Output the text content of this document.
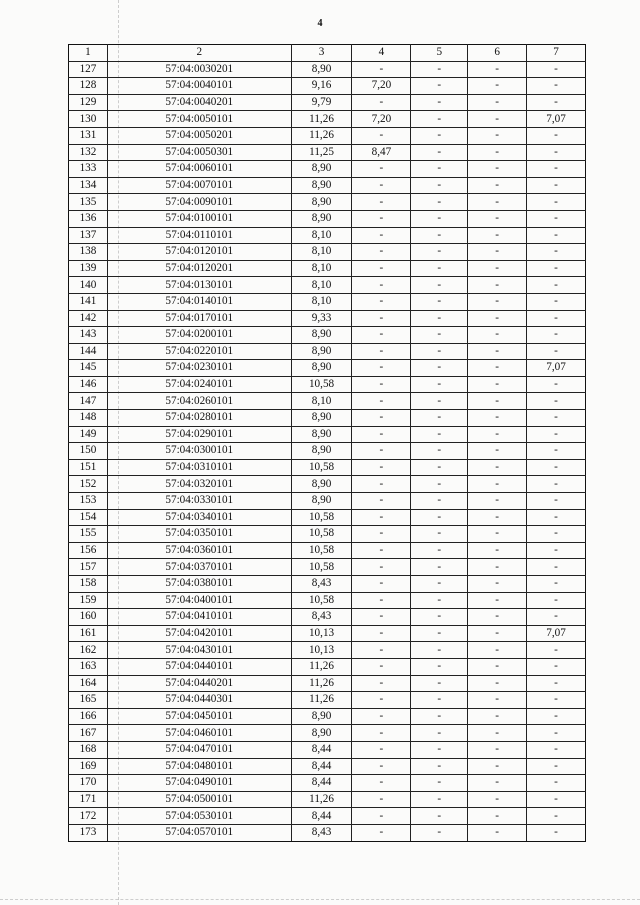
4
1	2	3	4	5	6	7
127	57:04:0030201	8,90	-	-	-	-
128	57:04:0040101	9,16	7,20	-	-	-
129	57:04:0040201	9,79	-	-	-	-
130	57:04:0050101	11,26	7,20	-	-	7,07
131	57:04:0050201	11,26	-	-	-	-
132	57:04:0050301	11,25	8,47	-	-	-
133	57:04:0060101	8,90	-	-	-	-
134	57:04:0070101	8,90	-	-	-	-
135	57:04:0090101	8,90	-	-	-	-
136	57:04:0100101	8,90	-	-	-	-
137	57:04:0110101	8,10	-	-	-	-
138	57:04:0120101	8,10	-	-	-	-
139	57:04:0120201	8,10	-	-	-	-
140	57:04:0130101	8,10	-	-	-	-
141	57:04:0140101	8,10	-	-	-	-
142	57:04:0170101	9,33	-	-	-	-
143	57:04:0200101	8,90	-	-	-	-
144	57:04:0220101	8,90	-	-	-	-
145	57:04:0230101	8,90	-	-	-	7,07
146	57:04:0240101	10,58	-	-	-	-
147	57:04:0260101	8,10	-	-	-	-
148	57:04:0280101	8,90	-	-	-	-
149	57:04:0290101	8,90	-	-	-	-
150	57:04:0300101	8,90	-	-	-	-
151	57:04:0310101	10,58	-	-	-	-
152	57:04:0320101	8,90	-	-	-	-
153	57:04:0330101	8,90	-	-	-	-
154	57:04:0340101	10,58	-	-	-	-
155	57:04:0350101	10,58	-	-	-	-
156	57:04:0360101	10,58	-	-	-	-
157	57:04:0370101	10,58	-	-	-	-
158	57:04:0380101	8,43	-	-	-	-
159	57:04:0400101	10,58	-	-	-	-
160	57:04:0410101	8,43	-	-	-	-
161	57:04:0420101	10,13	-	-	-	7,07
162	57:04:0430101	10,13	-	-	-	-
163	57:04:0440101	11,26	-	-	-	-
164	57:04:0440201	11,26	-	-	-	-
165	57:04:0440301	11,26	-	-	-	-
166	57:04:0450101	8,90	-	-	-	-
167	57:04:0460101	8,90	-	-	-	-
168	57:04:0470101	8,44	-	-	-	-
169	57:04:0480101	8,44	-	-	-	-
170	57:04:0490101	8,44	-	-	-	-
171	57:04:0500101	11,26	-	-	-	-
172	57:04:0530101	8,44	-	-	-	-
173	57:04:0570101	8,43	-	-	-	-
